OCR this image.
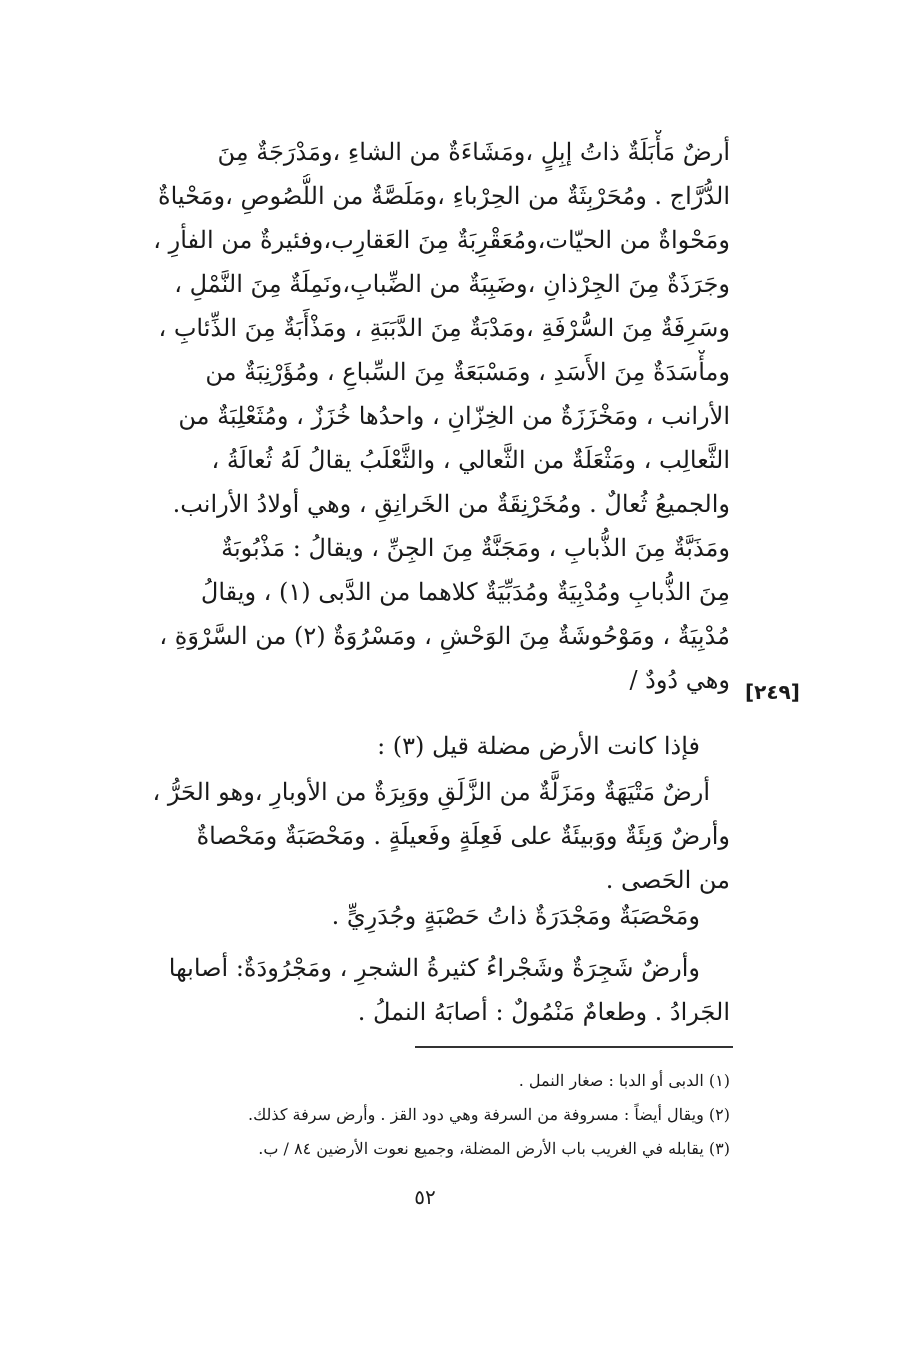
أرضٌ مَأْبَلَةٌ ذاتُ إبِلٍ ،ومَشَاءَةٌ من الشاءِ ،ومَدْرَجَةٌ مِنَ
الدُّرَّاج . ومُحَرْبِثَةٌ من الحِرْباءِ ،ومَلَصَّةٌ من اللُّصُوصِ ،ومَحْياةٌ
ومَحْواةٌ من الحيّات،ومُعَقْرِبَةٌ مِنَ العَقارِب،وفئيرةٌ من الفأرِ ،
وجَرَذَةٌ مِنَ الجِرْذانِ ،وضَبِبَةٌ من الضِّبابِ،ونَمِلَةٌ مِنَ النَّمْلِ ،
وسَرِفَةٌ مِنَ السُّرْفَةِ ،ومَدْبَةٌ مِنَ الدَّبَبَةِ ، ومَذْأَبَةٌ مِنَ الذِّئابِ ،
ومأْسَدَةٌ مِنَ الأَسَدِ ، ومَسْبَعَةٌ مِنَ السِّباعِ ، ومُؤَرْنِبَةٌ من
الأرانب ، ومَخْزَزَةٌ من الخِزّانِ ، واحدُها خُزَزٌ ، ومُثَعْلِبَةٌ من
الثَّعالِب ، ومَثْعَلَةٌ من الثَّعالي ، والثَّعْلَبُ يقالُ لَهُ ثُعالَةُ ،
والجميعُ ثُعالٌ . ومُخَرْنِقَةٌ من الخَرانِقِ ، وهي أولادُ الأرانب.
ومَذَبَّةٌ مِنَ الذُّبابِ ، ومَجَنَّةٌ مِنَ الجِنِّ ، ويقالُ : مَذْبُوبَةٌ
مِنَ الذُّبابِ ومُدْبِيَةٌ ومُدَبِّيَةٌ كلاهما من الدَّبى (١) ، ويقالُ
مُدْبِيَةٌ ، ومَوْحُوشَةٌ مِنَ الوَحْشِ ، ومَسْرُوَةٌ (٢) من السَّرْوَةِ ،
وهي دُودٌ / [٢٤٩]
فإذا كانت الأرض مضلة قيل (٣) :
أرضٌ مَتْيَهَةٌ ومَزَلَّةٌ من الزَّلَقِ ووَبِرَةٌ من الأوبارِ ،وهو الحَرُّ ،
وأرضٌ وَبِئَةٌ ووَبيئَةٌ على فَعِلَةٍ وفَعيلَةٍ . ومَحْصَبَةٌ ومَحْصاةٌ
من الحَصى .
ومَحْصَبَةٌ ومَجْدَرَةٌ ذاتُ حَصْبَةٍ وجُدَرِيٍّ .
وأرضٌ شَجِرَةٌ وشَجْراءُ كثيرةُ الشجرِ ، ومَجْرُودَةٌ: أصابها
الجَرادُ . وطعامٌ مَنْمُولٌ : أصابَهُ النملُ .
(١) الدبى أو الدبا : صغار النمل .
(٢) ويقال أيضاً : مسروفة من السرفة وهي دود القز . وأرض سرفة كذلك.
(٣) يقابله في الغريب باب الأرض المضلة، وجميع نعوت الأرضين ٨٤ / ب.
٥٢
